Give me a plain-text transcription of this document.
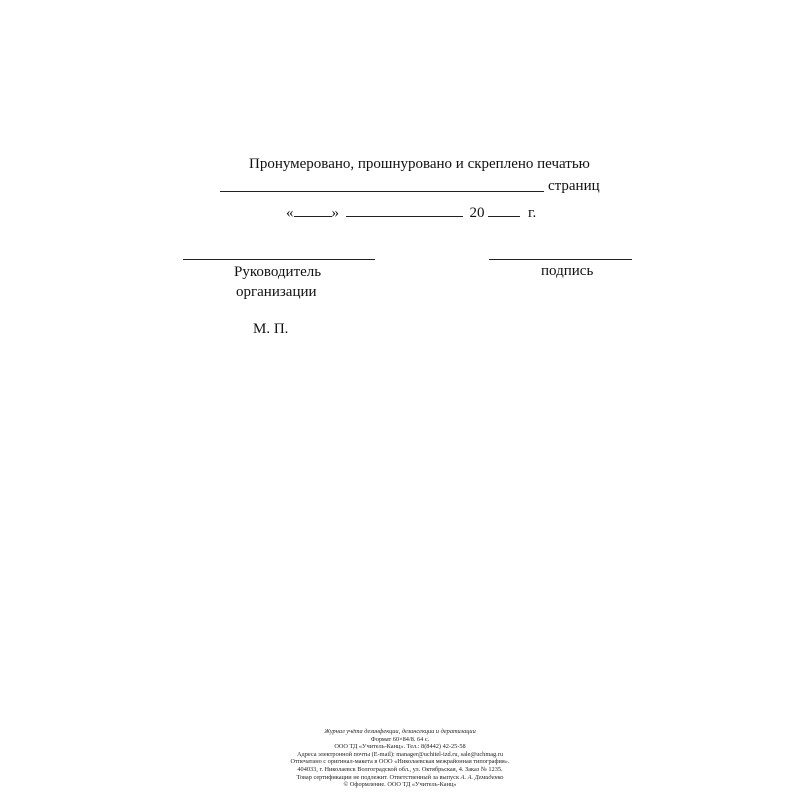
Пронумеровано, прошнуровано и скреплено печатью
страниц
«	»	20	г.
Руководитель
организации
подпись
М. П.
Журнал учёта дезинфекции, дезинсекции и дератизации
Формат 60×84/8. 64 с.
ООО ТД «Учитель-Канц». Тел.: 8(8442) 42-25-58
Адреса электронной почты (E-mail): manager@uchitel-izd.ru, sale@uchmag.ru
Отпечатано с оригинал-макета в ООО «Николаевская межрайонная типография».
404033, г. Николаевск Волгоградской обл., ул. Октябрьская, 4. Заказ № 1235.
Товар сертификации не подлежит. Ответственный за выпуск А. А. Демиденко
© Оформление. ООО ТД «Учитель-Канц»
